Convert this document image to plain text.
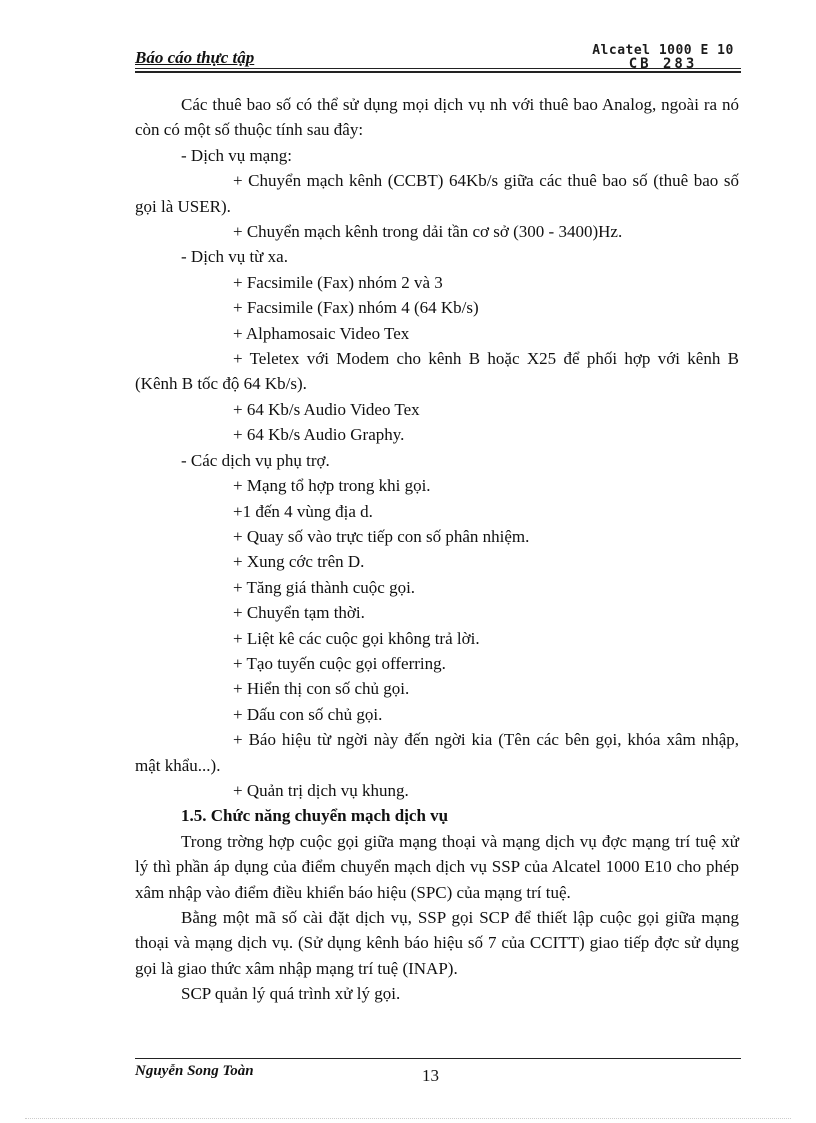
Báo cáo thực tập	Alcatel 1000 E 10
CB 283

Các thuê bao số có thể sử dụng mọi dịch vụ nh với thuê bao Analog, ngoài ra nó còn có một số thuộc tính sau đây:

- Dịch vụ mạng:

+ Chuyển mạch kênh (CCBT) 64Kb/s giữa các thuê bao số (thuê bao số gọi là USER).

+ Chuyển mạch kênh trong dải tần cơ sở (300 - 3400)Hz.

- Dịch vụ từ xa.

+ Facsimile (Fax) nhóm 2 và 3

+ Facsimile (Fax) nhóm 4 (64 Kb/s)

+ Alphamosaic Video Tex

+ Teletex với Modem cho kênh B hoặc X25 để phối hợp với kênh B (Kênh B tốc độ 64 Kb/s).

+ 64 Kb/s Audio Video Tex

+ 64 Kb/s Audio Graphy.

- Các dịch vụ phụ trợ.

+ Mạng tổ hợp trong khi gọi.

+1 đến 4 vùng địa d.

+ Quay số vào trực tiếp con số phân nhiệm.

+ Xung cớc trên D.

+ Tăng giá thành cuộc gọi.

+ Chuyển tạm thời.

+ Liệt kê các cuộc gọi không trả lời.

+ Tạo tuyến cuộc gọi offerring.

+ Hiển thị con số chủ gọi.

+ Dấu con số chủ gọi.

+ Báo hiệu từ ngời này đến ngời kia (Tên các bên gọi, khóa xâm nhập, mật khẩu...).

+ Quản trị dịch vụ khung.

1.5. Chức năng chuyển mạch dịch vụ

Trong trờng hợp cuộc gọi giữa mạng thoại và mạng dịch vụ đợc mạng trí tuệ xử lý thì phần áp dụng của điểm chuyển mạch dịch vụ SSP của Alcatel 1000 E10 cho phép xâm nhập vào điểm điều khiển báo hiệu (SPC) của mạng trí tuệ.

Bằng một mã số cài đặt dịch vụ, SSP gọi SCP để thiết lập cuộc gọi giữa mạng thoại và mạng dịch vụ. (Sử dụng kênh báo hiệu số 7 của CCITT) giao tiếp đợc sử dụng gọi là giao thức xâm nhập mạng trí tuệ (INAP).

SCP quản lý quá trình xử lý gọi.

Nguyễn Song Toàn	13
